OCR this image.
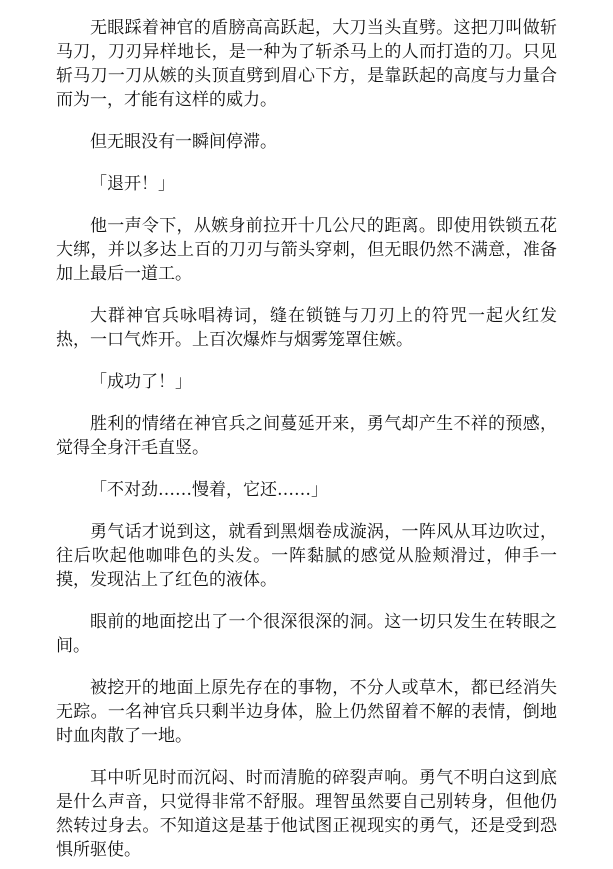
无眼踩着神官的盾膀高高跃起，大刀当头直劈。这把刀叫做斩马刀，刀刃异样地长，是一种为了斩杀马上的人而打造的刀。只见斩马刀一刀从嫉的头顶直劈到眉心下方，是靠跃起的高度与力量合而为一，才能有这样的威力。

但无眼没有一瞬间停滞。

「退开！」

他一声令下，从嫉身前拉开十几公尺的距离。即使用铁锁五花大绑，并以多达上百的刀刃与箭头穿刺，但无眼仍然不满意，准备加上最后一道工。

大群神官兵咏唱祷词，缝在锁链与刀刃上的符咒一起火红发热，一口气炸开。上百次爆炸与烟雾笼罩住嫉。

「成功了！」

胜利的情绪在神官兵之间蔓延开来，勇气却产生不祥的预感，觉得全身汗毛直竖。

「不对劲……慢着，它还……」

勇气话才说到这，就看到黑烟卷成漩涡，一阵风从耳边吹过，往后吹起他咖啡色的头发。一阵黏腻的感觉从脸颊滑过，伸手一摸，发现沾上了红色的液体。

眼前的地面挖出了一个很深很深的洞。这一切只发生在转眼之间。

被挖开的地面上原先存在的事物，不分人或草木，都已经消失无踪。一名神官兵只剩半边身体，脸上仍然留着不解的表情，倒地时血肉散了一地。

耳中听见时而沉闷、时而清脆的碎裂声响。勇气不明白这到底是什么声音，只觉得非常不舒服。理智虽然要自己别转身，但他仍然转过身去。不知道这是基于他试图正视现实的勇气，还是受到恐惧所驱使。
